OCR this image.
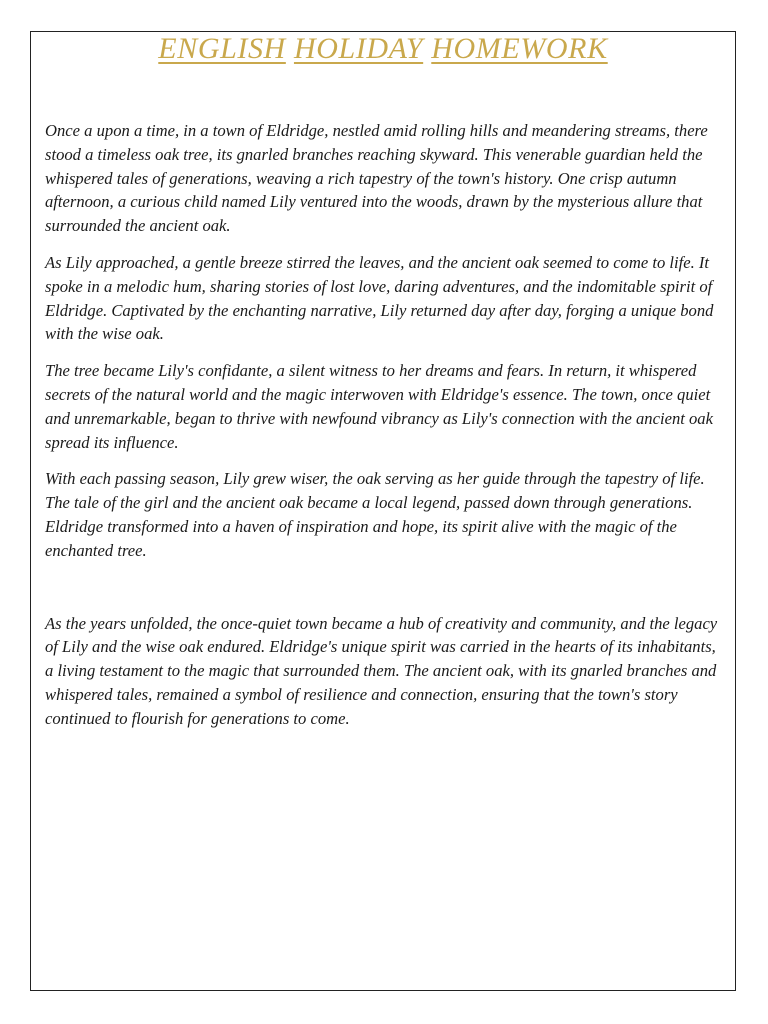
ENGLISH HOLIDAY HOMEWORK

Once a upon a time, in a town of Eldridge, nestled amid rolling hills and meandering streams, there stood a timeless oak tree, its gnarled branches reaching skyward. This venerable guardian held the whispered tales of generations, weaving a rich tapestry of the town's history. One crisp autumn afternoon, a curious child named Lily ventured into the woods, drawn by the mysterious allure that surrounded the ancient oak.

As Lily approached, a gentle breeze stirred the leaves, and the ancient oak seemed to come to life. It spoke in a melodic hum, sharing stories of lost love, daring adventures, and the indomitable spirit of Eldridge. Captivated by the enchanting narrative, Lily returned day after day, forging a unique bond with the wise oak.

The tree became Lily's confidante, a silent witness to her dreams and fears. In return, it whispered secrets of the natural world and the magic interwoven with Eldridge's essence. The town, once quiet and unremarkable, began to thrive with newfound vibrancy as Lily's connection with the ancient oak spread its influence.

With each passing season, Lily grew wiser, the oak serving as her guide through the tapestry of life. The tale of the girl and the ancient oak became a local legend, passed down through generations. Eldridge transformed into a haven of inspiration and hope, its spirit alive with the magic of the enchanted tree.

As the years unfolded, the once-quiet town became a hub of creativity and community, and the legacy of Lily and the wise oak endured. Eldridge's unique spirit was carried in the hearts of its inhabitants, a living testament to the magic that surrounded them. The ancient oak, with its gnarled branches and whispered tales, remained a symbol of resilience and connection, ensuring that the town's story continued to flourish for generations to come.
